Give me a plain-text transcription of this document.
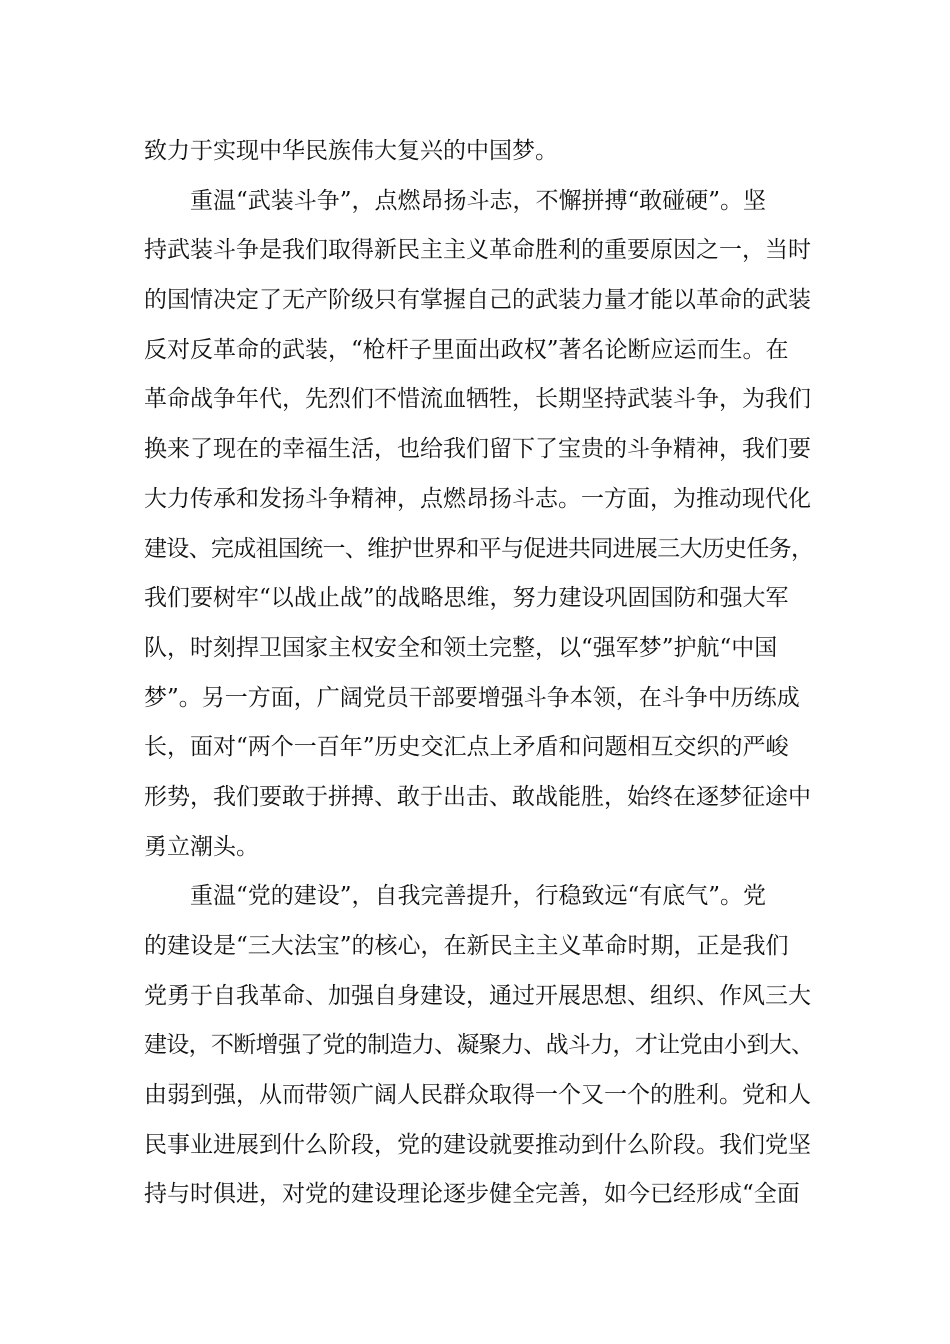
致力于实现中华民族伟大复兴的中国梦。
重温“武装斗争”，点燃昂扬斗志，不懈拼搏“敢碰硬”。坚
持武装斗争是我们取得新民主主义革命胜利的重要原因之一，当时
的国情决定了无产阶级只有掌握自己的武装力量才能以革命的武装
反对反革命的武装，“枪杆子里面出政权”著名论断应运而生。在
革命战争年代，先烈们不惜流血牺牲，长期坚持武装斗争，为我们
换来了现在的幸福生活，也给我们留下了宝贵的斗争精神，我们要
大力传承和发扬斗争精神，点燃昂扬斗志。一方面，为推动现代化
建设、完成祖国统一、维护世界和平与促进共同进展三大历史任务，
我们要树牢“以战止战”的战略思维，努力建设巩固国防和强大军
队，时刻捍卫国家主权安全和领土完整，以“强军梦”护航“中国
梦”。另一方面，广阔党员干部要增强斗争本领，在斗争中历练成
长，面对“两个一百年”历史交汇点上矛盾和问题相互交织的严峻
形势，我们要敢于拼搏、敢于出击、敢战能胜，始终在逐梦征途中
勇立潮头。
重温“党的建设”，自我完善提升，行稳致远“有底气”。党
的建设是“三大法宝”的核心，在新民主主义革命时期，正是我们
党勇于自我革命、加强自身建设，通过开展思想、组织、作风三大
建设，不断增强了党的制造力、凝聚力、战斗力，才让党由小到大、
由弱到强，从而带领广阔人民群众取得一个又一个的胜利。党和人
民事业进展到什么阶段，党的建设就要推动到什么阶段。我们党坚
持与时俱进，对党的建设理论逐步健全完善，如今已经形成“全面
